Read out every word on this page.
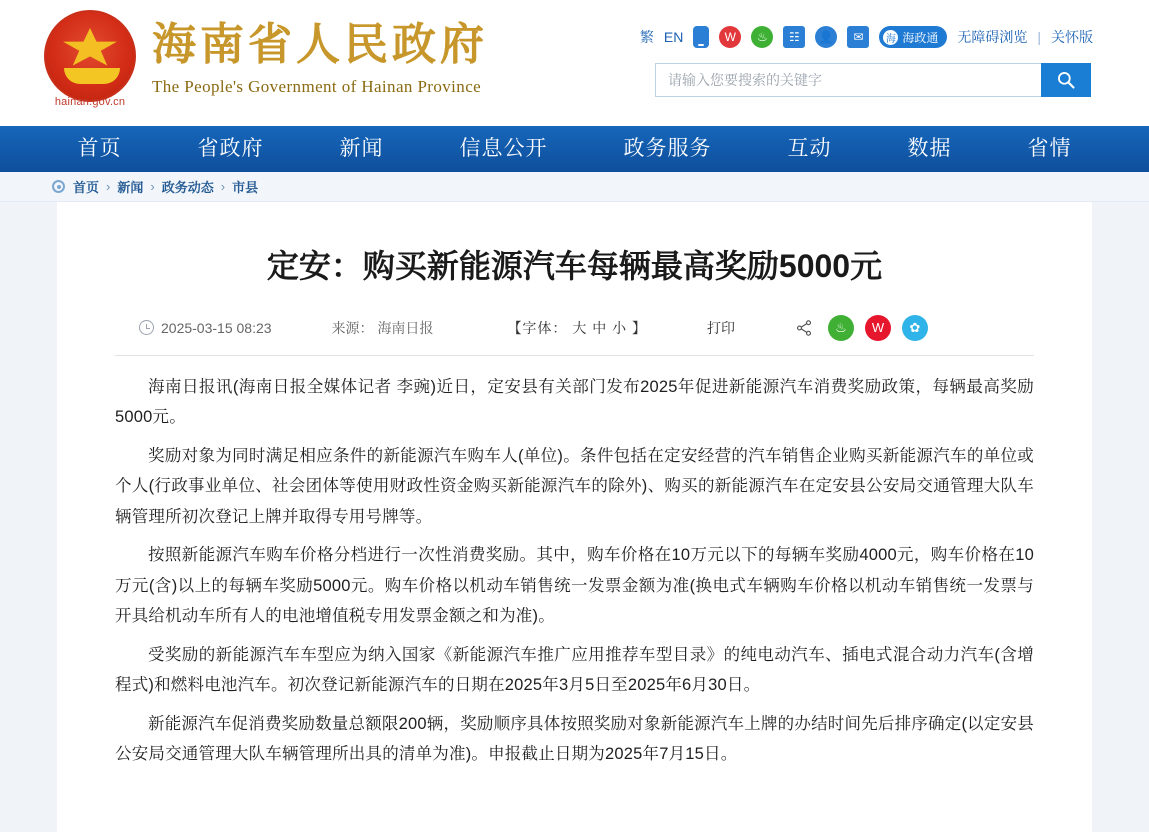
hainan.gov.cn
海南省人民政府
The People's Government of Hainan Province
繁 EN	W	♨	☷	👤	✉	海 海政通 无障碍浏览 | 关怀版
请输入您要搜索的关键字
首页	省政府	新闻	信息公开	政务服务	互动	数据	省情
首页 › 新闻 › 政务动态 › 市县
定安：购买新能源汽车每辆最高奖励5000元
2025-03-15 08:23	来源： 海南日报	【字体： 大 中 小 】	打印	♨	W	✿

海南日报讯(海南日报全媒体记者 李豌)近日，定安县有关部门发布2025年促进新能源汽车消费奖励政策，每辆最高奖励5000元。

奖励对象为同时满足相应条件的新能源汽车购车人(单位)。条件包括在定安经营的汽车销售企业购买新能源汽车的单位或个人(行政事业单位、社会团体等使用财政性资金购买新能源汽车的除外)、购买的新能源汽车在定安县公安局交通管理大队车辆管理所初次登记上牌并取得专用号牌等。

按照新能源汽车购车价格分档进行一次性消费奖励。其中，购车价格在10万元以下的每辆车奖励4000元，购车价格在10万元(含)以上的每辆车奖励5000元。购车价格以机动车销售统一发票金额为准(换电式车辆购车价格以机动车销售统一发票与开具给机动车所有人的电池增值税专用发票金额之和为准)。

受奖励的新能源汽车车型应为纳入国家《新能源汽车推广应用推荐车型目录》的纯电动汽车、插电式混合动力汽车(含增程式)和燃料电池汽车。初次登记新能源汽车的日期在2025年3月5日至2025年6月30日。

新能源汽车促消费奖励数量总额限200辆，奖励顺序具体按照奖励对象新能源汽车上牌的办结时间先后排序确定(以定安县公安局交通管理大队车辆管理所出具的清单为准)。申报截止日期为2025年7月15日。
